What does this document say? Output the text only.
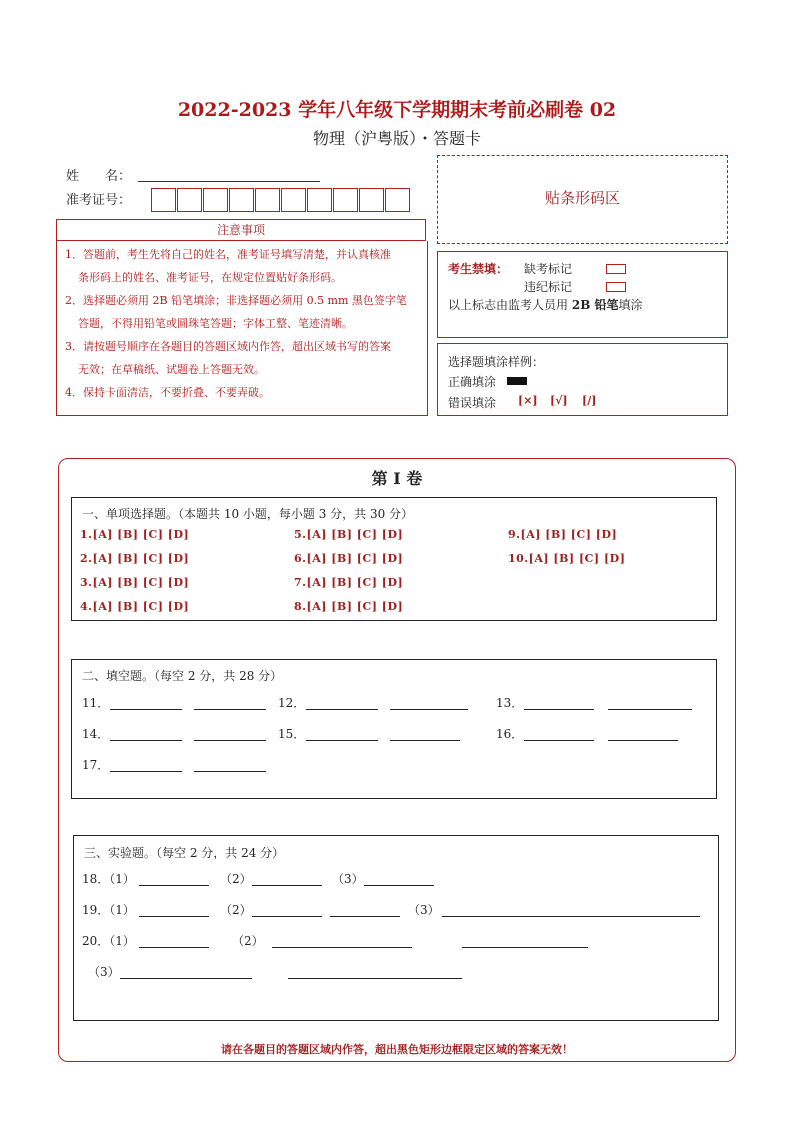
2022-2023 学年八年级下学期期末考前必刷卷 02
物理（沪粤版）・答题卡
姓　　名：
准考证号：	贴条形码区
注意事项
1．答题前，考生先将自己的姓名，准考证号填写清楚，并认真核准
条形码上的姓名、准考证号，在规定位置贴好条形码。
2．选择题必须用 2B 铅笔填涂；非选择题必须用 0.5 mm 黑色签字笔
答题，不得用铅笔或圆珠笔答题；字体工整、笔迹清晰。
3．请按题号顺序在各题目的答题区域内作答，超出区域书写的答案
无效；在草稿纸、试题卷上答题无效。
4．保持卡面清洁，不要折叠、不要弄破。
考生禁填： 缺考标记
违纪标记
以上标志由监考人员用 2B 铅笔填涂
选择题填涂样例：
正确填涂
错误填涂 [×] [√] [/]
第 I 卷
一、单项选择题。（本题共 10 小题，每小题 3 分，共 30 分）
1.[A] [B] [C] [D]
2.[A] [B] [C] [D]
3.[A] [B] [C] [D]
4.[A] [B] [C] [D]
5.[A] [B] [C] [D]
6.[A] [B] [C] [D]
7.[A] [B] [C] [D]
8.[A] [B] [C] [D]
9.[A] [B] [C] [D]
10.[A] [B] [C] [D]
二、填空题。（每空 2 分，共 28 分）
11．	12．	13．
14．	15．	16．
17．
三、实验题。（每空 2 分，共 24 分）
18．（1）	（2）	（3）
19．（1）	（2）	（3）
20．（1）	（2）
（3）
请在各题目的答题区域内作答，超出黑色矩形边框限定区域的答案无效！
